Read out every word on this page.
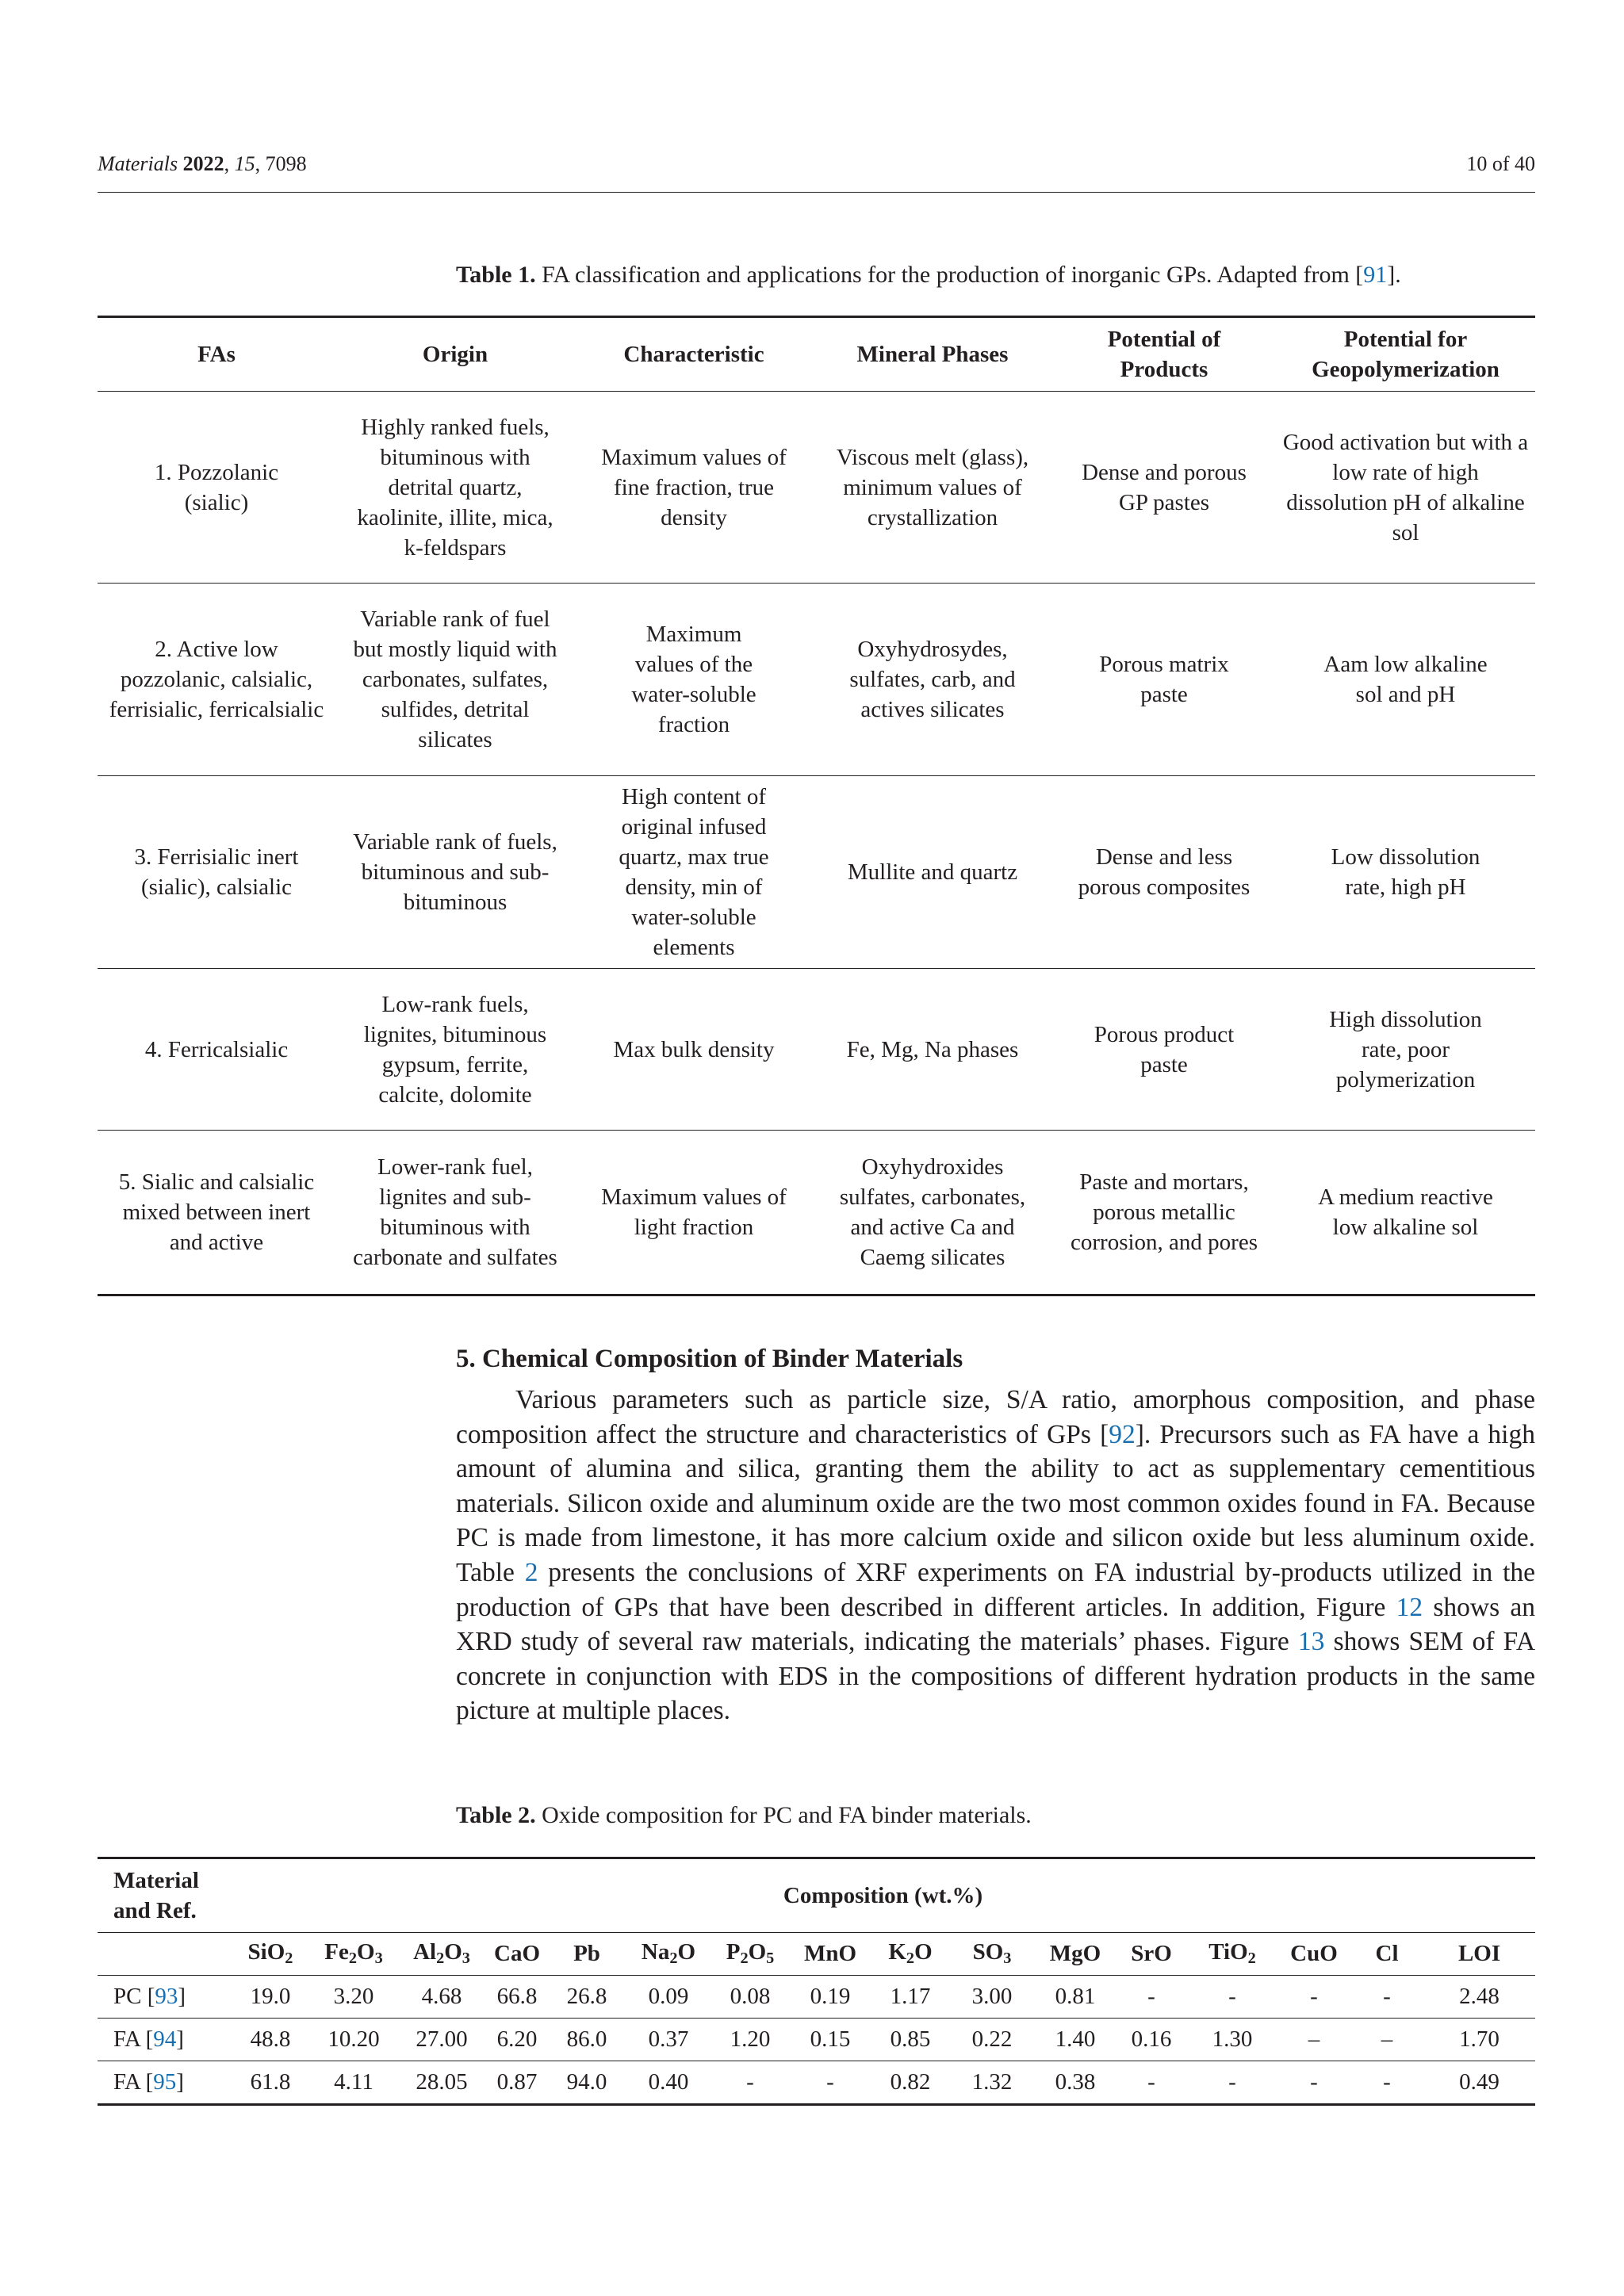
Materials 2022, 15, 7098	10 of 40
Table 1. FA classification and applications for the production of inorganic GPs. Adapted from [91].
FAs	Origin	Characteristic	Mineral Phases	Potential of Products	Potential for Geopolymerization
1. Pozzolanic (sialic)	Highly ranked fuels, bituminous with detrital quartz, kaolinite, illite, mica, k-feldspars	Maximum values of fine fraction, true density	Viscous melt (glass), minimum values of crystallization	Dense and porous GP pastes	Good activation but with a low rate of high dissolution pH of alkaline sol
2. Active low pozzolanic, calsialic, ferrisialic, ferricalsialic	Variable rank of fuel but mostly liquid with carbonates, sulfates, sulfides, detrital silicates	Maximum values of the water-soluble fraction	Oxyhydrosydes, sulfates, carb, and actives silicates	Porous matrix paste	Aam low alkaline sol and pH
3. Ferrisialic inert (sialic), calsialic	Variable rank of fuels, bituminous and sub-bituminous	High content of original infused quartz, max true density, min of water-soluble elements	Mullite and quartz	Dense and less porous composites	Low dissolution rate, high pH
4. Ferricalsialic	Low-rank fuels, lignites, bituminous gypsum, ferrite, calcite, dolomite	Max bulk density	Fe, Mg, Na phases	Porous product paste	High dissolution rate, poor polymerization
5. Sialic and calsialic mixed between inert and active	Lower-rank fuel, lignites and sub-bituminous with carbonate and sulfates	Maximum values of light fraction	Oxyhydroxides sulfates, carbonates, and active Ca and Caemg silicates	Paste and mortars, porous metallic corrosion, and pores	A medium reactive low alkaline sol
5. Chemical Composition of Binder Materials
Various parameters such as particle size, S/A ratio, amorphous composition, and phase composition affect the structure and characteristics of GPs [92]. Precursors such as FA have a high amount of alumina and silica, granting them the ability to act as supplementary cementitious materials. Silicon oxide and aluminum oxide are the two most common oxides found in FA. Because PC is made from limestone, it has more calcium oxide and silicon oxide but less aluminum oxide. Table 2 presents the conclusions of XRF experiments on FA industrial by-products utilized in the production of GPs that have been described in different articles. In addition, Figure 12 shows an XRD study of several raw materials, indicating the materials’ phases. Figure 13 shows SEM of FA concrete in conjunction with EDS in the compositions of different hydration products in the same picture at multiple places.
Table 2. Oxide composition for PC and FA binder materials.
Material and Ref.	Composition (wt.%)															
	SiO$_2$	$Fe_2O_3$	$Al_2O_3$	CaO	Pb	$Na_2O$	$P_2O_5$	MnO	$K_2O$	$SO_3$	MgO	SrO	TiO$_2$	CuO	Cl	LOI
PC [93]	19.0	3.20	4.68	66.8	26.8	0.09	0.08	0.19	1.17	3.00	0.81	-	-	-	-	2.48
FA [94]	48.8	10.20	27.00	6.20	86.0	0.37	1.20	0.15	0.85	0.22	1.40	0.16	1.30	–	–	1.70
FA [95]	61.8	4.11	28.05	0.87	94.0	0.40	-	-	0.82	1.32	0.38	-	-	-	-	0.49
